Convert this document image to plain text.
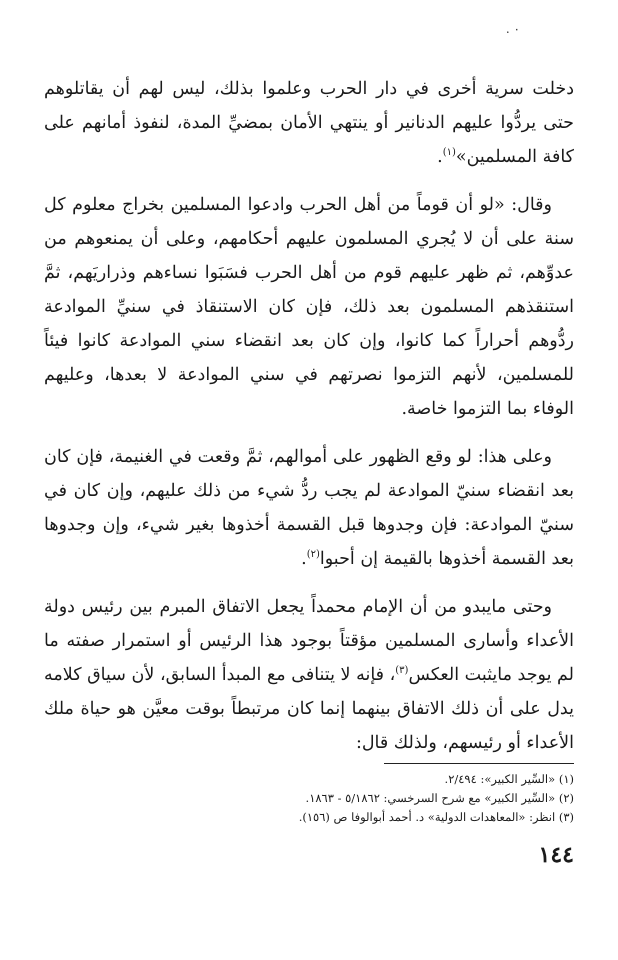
٠ .

دخلت سرية أخرى في دار الحرب وعلموا بذلك، ليس لهم أن يقاتلوهم حتى يردُّوا عليهم الدنانير أو ينتهي الأمان بمضيِّ المدة، لنفوذ أمانهم على كافة المسلمين»$^{(١)}$.

وقال: «لو أن قوماً من أهل الحرب وادعوا المسلمين بخراج معلوم كل سنة على أن لا يُجري المسلمون عليهم أحكامهم، وعلى أن يمنعوهم من عدوِّهم، ثم ظهر عليهم قوم من أهل الحرب فسَبَوا نساءهم وذراريَهم، ثمَّ استنقذهم المسلمون بعد ذلك، فإن كان الاستنقاذ في سنيِّ الموادعة ردُّوهم أحراراً كما كانوا، وإن كان بعد انقضاء سني الموادعة كانوا فيئاً للمسلمين، لأنهم التزموا نصرتهم في سني الموادعة لا بعدها، وعليهم الوفاء بما التزموا خاصة.

وعلى هذا: لو وقع الظهور على أموالهم، ثمَّ وقعت في الغنيمة، فإن كان بعد انقضاء سنيّ الموادعة لم يجب ردُّ شيء من ذلك عليهم، وإن كان في سنيّ الموادعة: فإن وجدوها قبل القسمة أخذوها بغير شيء، وإن وجدوها بعد القسمة أخذوها بالقيمة إن أحبوا$^{(٢)}$.

وحتى مايبدو من أن الإمام محمداً يجعل الاتفاق المبرم بين رئيس دولة الأعداء وأسارى المسلمين مؤقتاً بوجود هذا الرئيس أو استمرار صفته ما لم يوجد مايثبت العكس$^{(٣)}$، فإنه لا يتنافى مع المبدأ السابق، لأن سياق كلامه يدل على أن ذلك الاتفاق بينهما إنما كان مرتبطاً بوقت معيَّن هو حياة ملك الأعداء أو رئيسهم، ولذلك قال:

(١) «السِّير الكبير»: ٢/٤٩٤.
(٢) «السِّير الكبير» مع شرح السرخسي: ٥/١٨٦٢ - ١٨٦٣.
(٣) انظر: «المعاهدات الدولية» د. أحمد أبوالوفا ص (١٥٦).
١٤٤
